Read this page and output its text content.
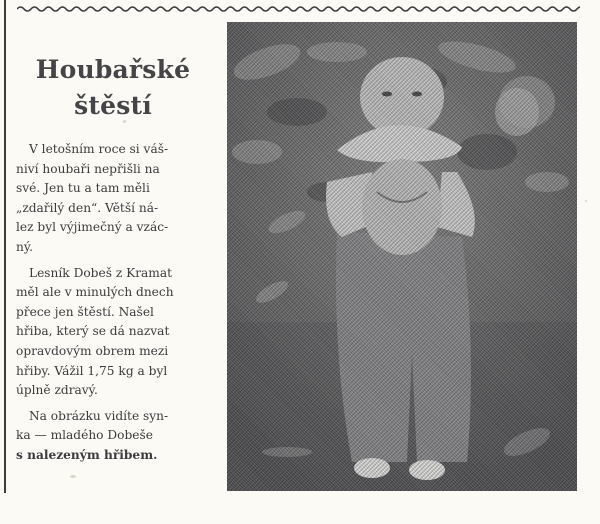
Houbařské
štěstí

V letošním roce si váš-
niví houbaři nepřišli na
své. Jen tu a tam měli
„zdařilý den“. Větší ná-
lez byl výjimečný a vzác-
ný.

Lesník Dobeš z Kramat
měl ale v minulých dnech
přece jen štěstí. Našel
hřiba, který se dá nazvat
opravdovým obrem mezi
hřiby. Vážil 1,75 kg a byl
úplně zdravý.

Na obrázku vidíte syn-
ka — mladého Dobeše
s nalezeným hřibem.
